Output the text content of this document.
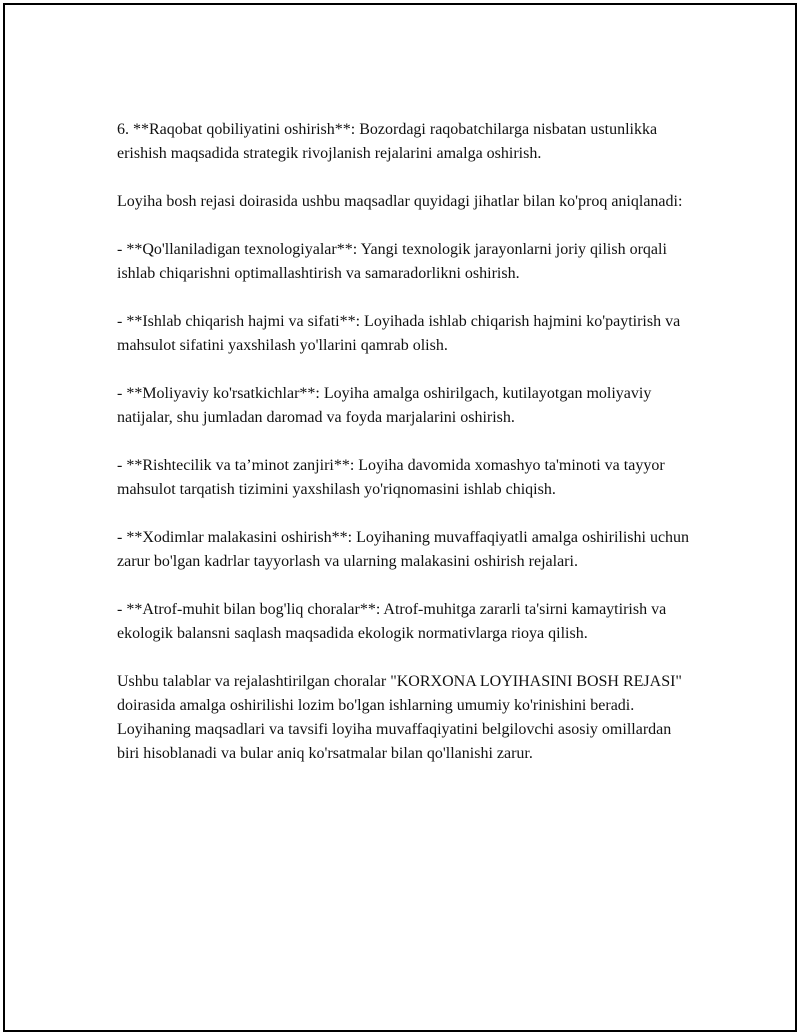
6. **Raqobat qobiliyatini oshirish**: Bozordagi raqobatchilarga nisbatan ustunlikka erishish maqsadida strategik rivojlanish rejalarini amalga oshirish.

Loyiha bosh rejasi doirasida ushbu maqsadlar quyidagi jihatlar bilan ko'proq aniqlanadi:

- **Qo'llaniladigan texnologiyalar**: Yangi texnologik jarayonlarni joriy qilish orqali ishlab chiqarishni optimallashtirish va samaradorlikni oshirish.

- **Ishlab chiqarish hajmi va sifati**: Loyihada ishlab chiqarish hajmini ko'paytirish va mahsulot sifatini yaxshilash yo'llarini qamrab olish.

- **Moliyaviy ko'rsatkichlar**: Loyiha amalga oshirilgach, kutilayotgan moliyaviy natijalar, shu jumladan daromad va foyda marjalarini oshirish.

- **Rishtecilik va ta’minot zanjiri**: Loyiha davomida xomashyo ta'minoti va tayyor mahsulot tarqatish tizimini yaxshilash yo'riqnomasini ishlab chiqish.

- **Xodimlar malakasini oshirish**: Loyihaning muvaffaqiyatli amalga oshirilishi uchun zarur bo'lgan kadrlar tayyorlash va ularning malakasini oshirish rejalari.

- **Atrof-muhit bilan bog'liq choralar**: Atrof-muhitga zararli ta'sirni kamaytirish va ekologik balansni saqlash maqsadida ekologik normativlarga rioya qilish.

Ushbu talablar va rejalashtirilgan choralar "KORXONA LOYIHASINI BOSH REJASI" doirasida amalga oshirilishi lozim bo'lgan ishlarning umumiy ko'rinishini beradi. Loyihaning maqsadlari va tavsifi loyiha muvaffaqiyatini belgilovchi asosiy omillardan biri hisoblanadi va bular aniq ko'rsatmalar bilan qo'llanishi zarur.
